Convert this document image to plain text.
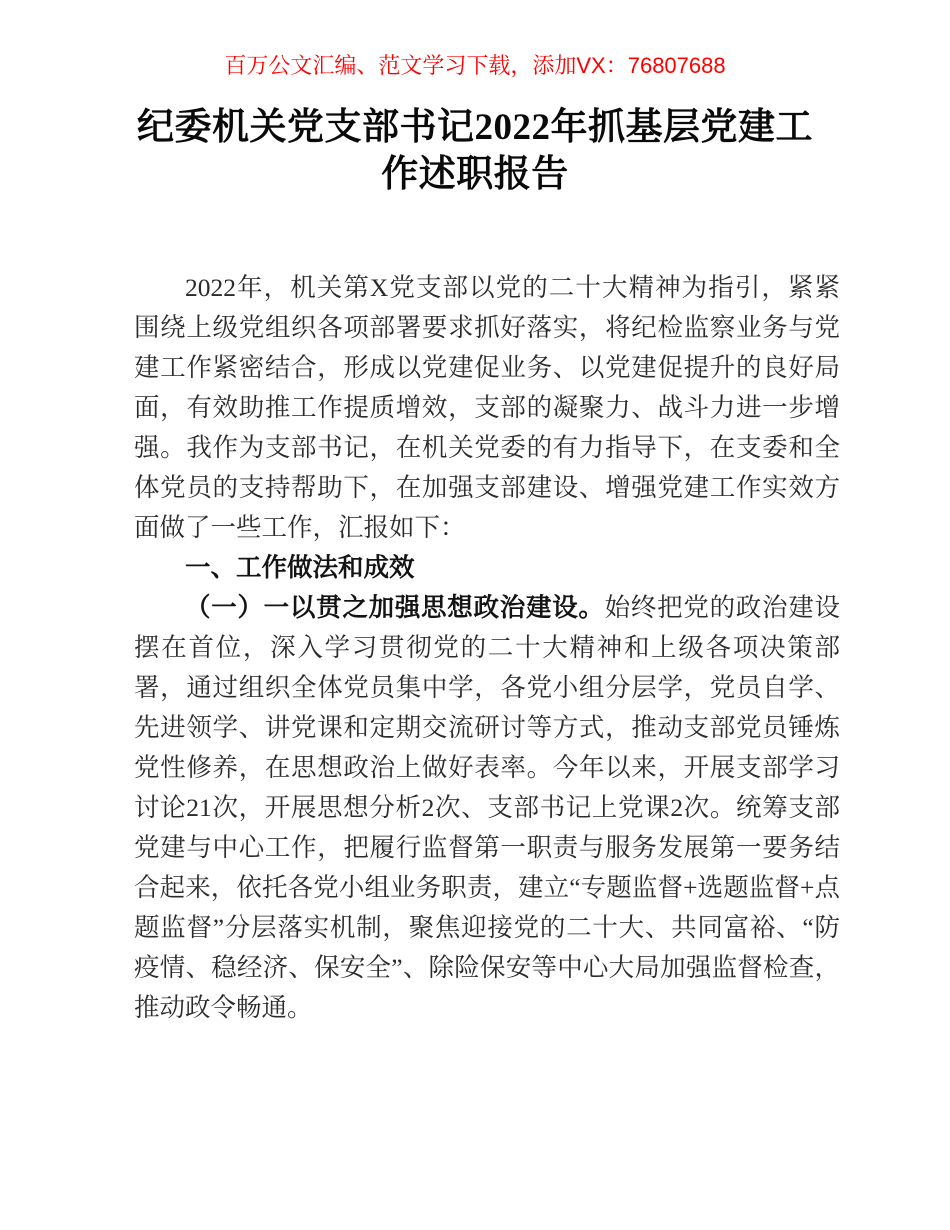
百万公文汇编、范文学习下载，添加VX：76807688
纪委机关党支部书记2022年抓基层党建工作述职报告

2022年，机关第X党支部以党的二十大精神为指引，紧紧围绕上级党组织各项部署要求抓好落实，将纪检监察业务与党建工作紧密结合，形成以党建促业务、以党建促提升的良好局面，有效助推工作提质增效，支部的凝聚力、战斗力进一步增强。我作为支部书记，在机关党委的有力指导下，在支委和全体党员的支持帮助下，在加强支部建设、增强党建工作实效方面做了一些工作，汇报如下：

一、工作做法和成效

（一）一以贯之加强思想政治建设。始终把党的政治建设摆在首位，深入学习贯彻党的二十大精神和上级各项决策部署，通过组织全体党员集中学，各党小组分层学，党员自学、先进领学、讲党课和定期交流研讨等方式，推动支部党员锤炼党性修养，在思想政治上做好表率。今年以来，开展支部学习讨论21次，开展思想分析2次、支部书记上党课2次。统筹支部党建与中心工作，把履行监督第一职责与服务发展第一要务结合起来，依托各党小组业务职责，建立“专题监督+选题监督+点题监督”分层落实机制，聚焦迎接党的二十大、共同富裕、“防疫情、稳经济、保安全”、除险保安等中心大局加强监督检查，推动政令畅通。
